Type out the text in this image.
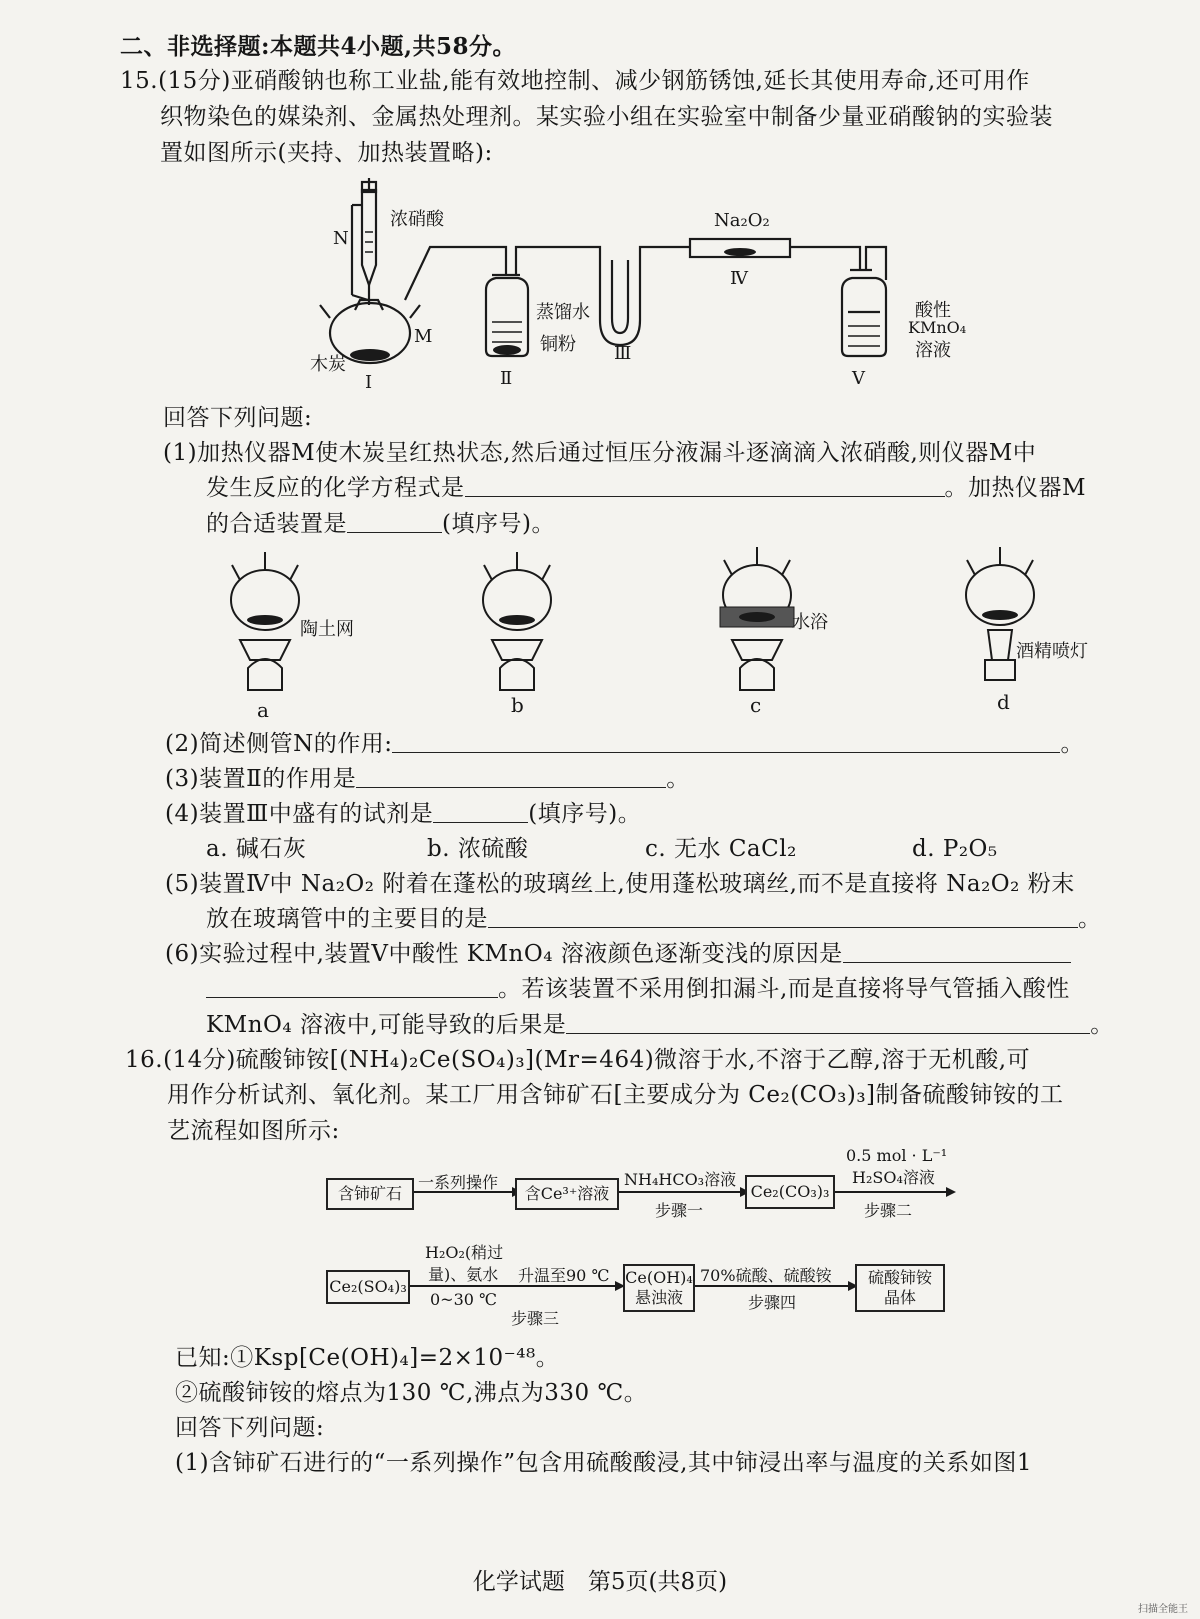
二、非选择题:本题共4小题,共58分。
15.(15分)亚硝酸钠也称工业盐,能有效地控制、减少钢筋锈蚀,延长其使用寿命,还可用作
织物染色的媒染剂、金属热处理剂。某实验小组在实验室中制备少量亚硝酸钠的实验装
置如图所示(夹持、加热装置略):
浓硝酸
N
M
木炭
Ⅰ
Na₂O₂
蒸馏水
铜粉
Ⅱ
Ⅲ
Ⅳ
酸性
KMnO₄
溶液
Ⅴ
回答下列问题:
(1)加热仪器M使木炭呈红热状态,然后通过恒压分液漏斗逐滴滴入浓硝酸,则仪器M中
发生反应的化学方程式是	。加热仪器M
的合适装置是	(填序号)。
陶土网	水浴
酒精喷灯
a	b	c	d
(2)简述侧管N的作用:	。
(3)装置Ⅱ的作用是	。
(4)装置Ⅲ中盛有的试剂是	(填序号)。
a. 碱石灰	b. 浓硫酸	c. 无水 CaCl₂	d. P₂O₅
(5)装置Ⅳ中 Na₂O₂ 附着在蓬松的玻璃丝上,使用蓬松玻璃丝,而不是直接将 Na₂O₂ 粉末
放在玻璃管中的主要目的是	。
(6)实验过程中,装置Ⅴ中酸性 KMnO₄ 溶液颜色逐渐变浅的原因是
。若该装置不采用倒扣漏斗,而是直接将导气管插入酸性
KMnO₄ 溶液中,可能导致的后果是	。
16.(14分)硫酸铈铵[(NH₄)₂Ce(SO₄)₃](Mr=464)微溶于水,不溶于乙醇,溶于无机酸,可
用作分析试剂、氧化剂。某工厂用含铈矿石[主要成分为 Ce₂(CO₃)₃]制备硫酸铈铵的工
艺流程如图所示:
含铈矿石
一系列操作
含Ce³⁺溶液
NH₄HCO₃溶液
步骤一
Ce₂(CO₃)₃
0.5 mol · L⁻¹
H₂SO₄溶液
步骤二
Ce₂(SO₄)₃
H₂O₂(稍过
量)、氨水
0~30 ℃
升温至90 ℃
步骤三
Ce(OH)₄
悬浊液
70%硫酸、硫酸铵
步骤四
硫酸铈铵
晶体
已知:①Ksp[Ce(OH)₄]=2×10⁻⁴⁸。
②硫酸铈铵的熔点为130 ℃,沸点为330 ℃。
回答下列问题:
(1)含铈矿石进行的“一系列操作”包含用硫酸酸浸,其中铈浸出率与温度的关系如图1
化学试题　第5页(共8页)
扫描全能王
